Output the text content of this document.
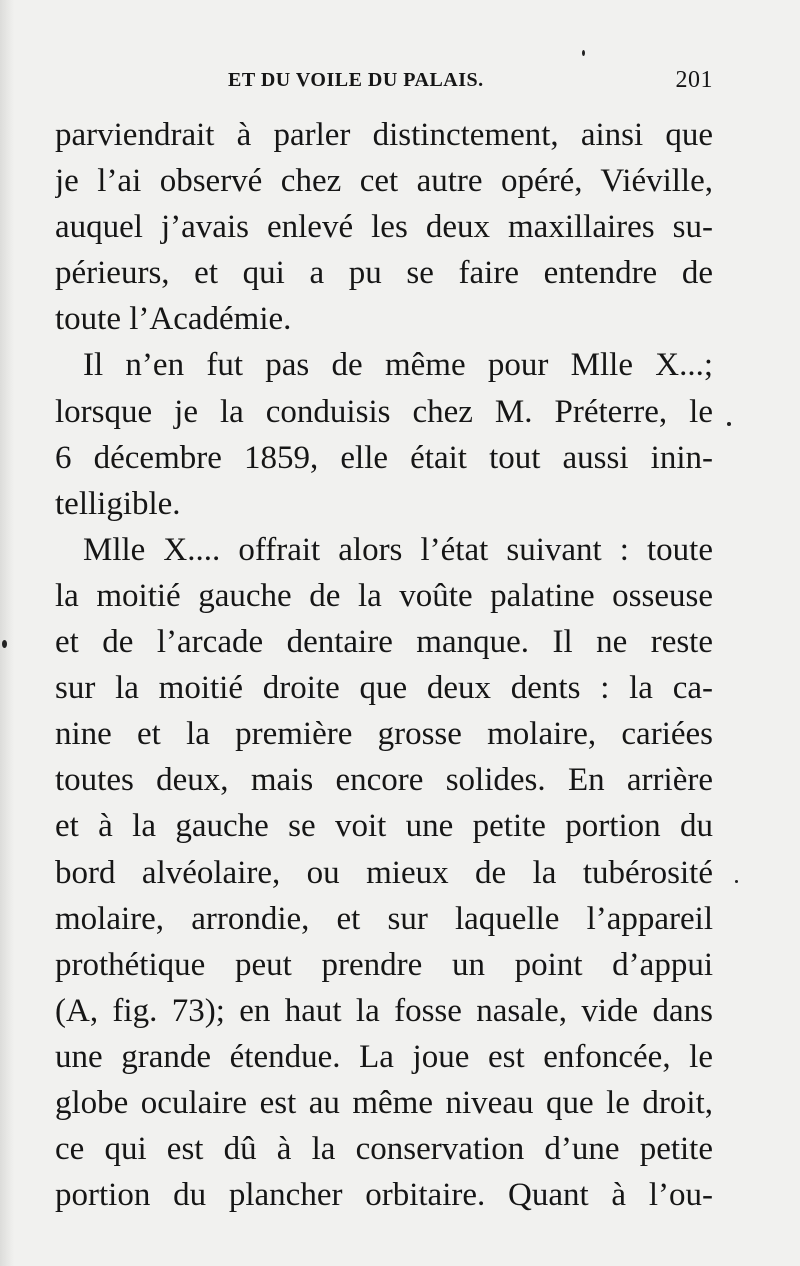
ET DU VOILE DU PALAIS.	201
parviendrait à parler distinctement, ainsi que
je l’ai observé chez cet autre opéré, Viéville,
auquel j’avais enlevé les deux maxillaires su-
périeurs, et qui a pu se faire entendre de
toute l’Académie.
Il n’en fut pas de même pour Mlle X...;
lorsque je la conduisis chez M. Préterre, le
6 décembre 1859, elle était tout aussi inin-
telligible.
Mlle X.... offrait alors l’état suivant : toute
la moitié gauche de la voûte palatine osseuse
et de l’arcade dentaire manque. Il ne reste
sur la moitié droite que deux dents : la ca-
nine et la première grosse molaire, cariées
toutes deux, mais encore solides. En arrière
et à la gauche se voit une petite portion du
bord alvéolaire, ou mieux de la tubérosité
molaire, arrondie, et sur laquelle l’appareil
prothétique peut prendre un point d’appui
(A, fig. 73); en haut la fosse nasale, vide dans
une grande étendue. La joue est enfoncée, le
globe oculaire est au même niveau que le droit,
ce qui est dû à la conservation d’une petite
portion du plancher orbitaire. Quant à l’ou-
